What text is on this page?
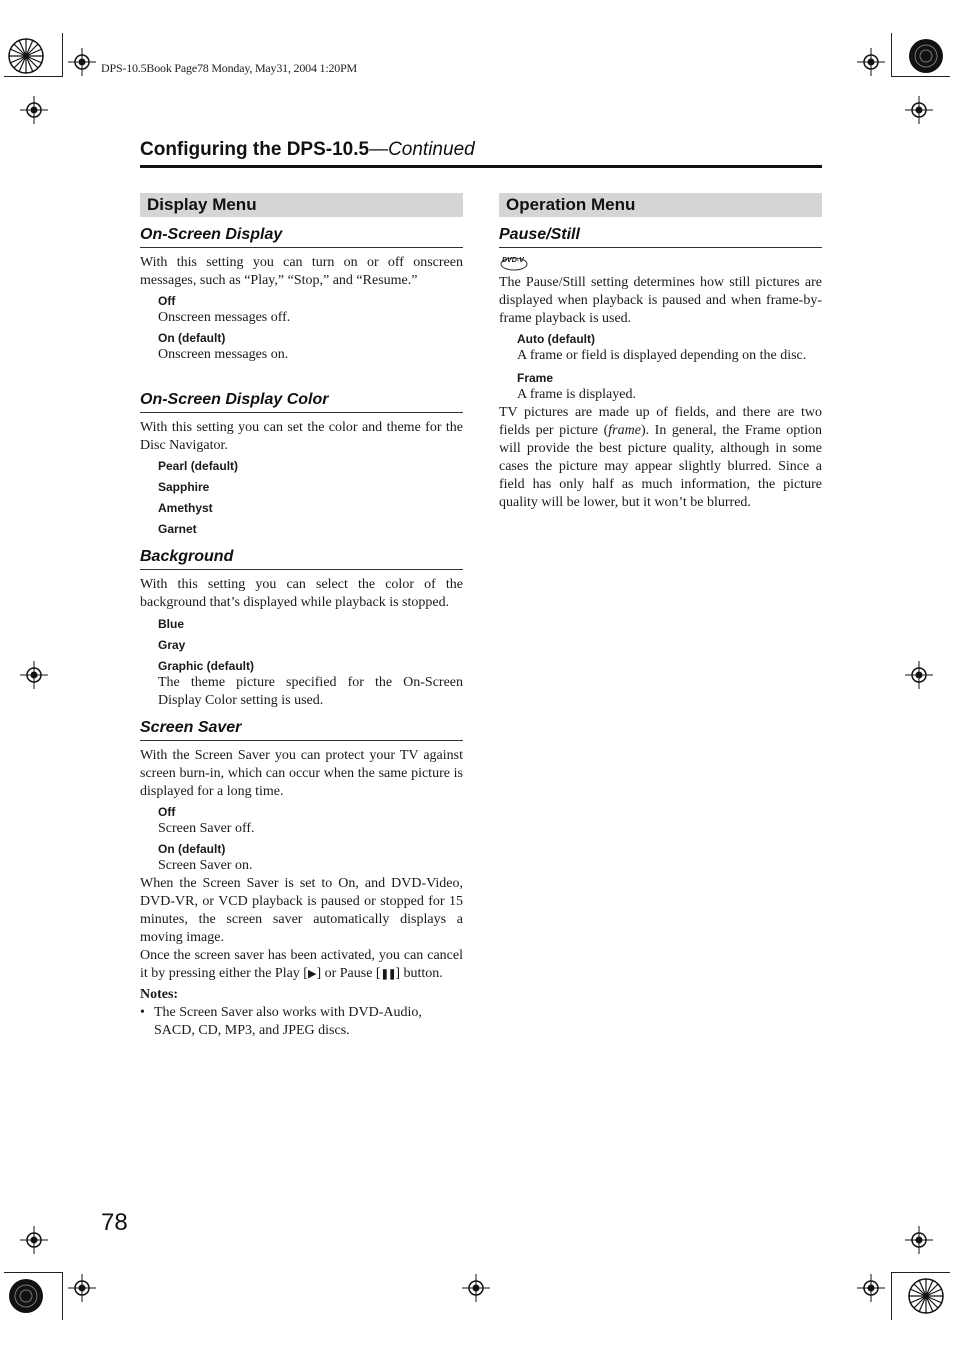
DPS-10.5Book Page78 Monday, May31, 2004 1:20PM
Configuring the DPS-10.5—Continued
Display Menu
On-Screen Display

With this setting you can turn on or off onscreen messages, such as “Play,” “Stop,” and “Resume.”

Off
Onscreen messages off.
On (default)
Onscreen messages on.
On-Screen Display Color

With this setting you can set the color and theme for the Disc Navigator.

Pearl (default)
Sapphire
Amethyst
Garnet
Background

With this setting you can select the color of the background that’s displayed while playback is stopped.

Blue
Gray
Graphic (default)
The theme picture specified for the On-Screen Display Color setting is used.
Screen Saver

With the Screen Saver you can protect your TV against screen burn-in, which can occur when the same picture is displayed for a long time.

Off
Screen Saver off.
On (default)
Screen Saver on.

When the Screen Saver is set to On, and DVD-Video, DVD-VR, or VCD playback is paused or stopped for 15 minutes, the screen saver automatically displays a moving image.

Once the screen saver has been activated, you can cancel it by pressing either the Play [▶] or Pause [❚❚] button.

Notes:
• The Screen Saver also works with DVD-Audio, SACD, CD, MP3, and JPEG discs.
Operation Menu
Pause/Still
DVD-V

The Pause/Still setting determines how still pictures are displayed when playback is paused and when frame-by-frame playback is used.

Auto (default)
A frame or field is displayed depending on the disc.
Frame
A frame is displayed.

TV pictures are made up of fields, and there are two fields per picture (frame). In general, the Frame option will provide the best picture quality, although in some cases the picture may appear slightly blurred. Since a field has only half as much information, the picture quality will be lower, but it won’t be blurred.

78
